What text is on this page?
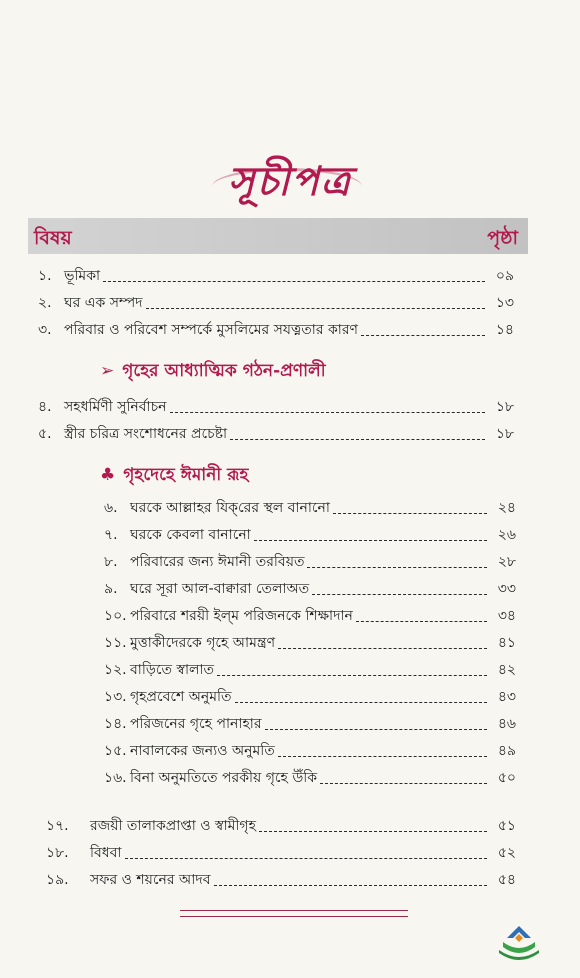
সূচীপত্র
বিষয়	পৃষ্ঠা
১. ভূমিকা	০৯
২. ঘর এক সম্পদ	১৩
৩. পরিবার ও পরিবেশ সম্পর্কে মুসলিমের সযত্নতার কারণ	১৪
➢ গৃহের আধ্যাত্মিক গঠন-প্রণালী
৪. সহধর্মিণী সুনির্বাচন	১৮
৫. স্ত্রীর চরিত্র সংশোধনের প্রচেষ্টা	১৮
♣ গৃহদেহে ঈমানী রূহ
৬. ঘরকে আল্লাহর যিক্‌রের স্থল বানানো	২৪
৭. ঘরকে কেবলা বানানো	২৬
৮. পরিবারের জন্য ঈমানী তরবিয়ত	২৮
৯. ঘরে সূরা আল-বাক্বারা তেলাঅত	৩৩
১০. পরিবারে শরয়ী ইল্‌ম পরিজনকে শিক্ষাদান	৩৪
১১. মুত্তাকীদেরকে গৃহে আমন্ত্রণ	৪১
১২. বাড়িতে স্বালাত	৪২
১৩. গৃহপ্রবেশে অনুমতি	৪৩
১৪. পরিজনের গৃহে পানাহার	৪৬
১৫. নাবালকের জন্যও অনুমতি	৪৯
১৬. বিনা অনুমতিতে পরকীয় গৃহে উঁকি	৫০
১৭.	রজয়ী তালাকপ্রাপ্তা ও স্বামীগৃহ	৫১
১৮.	বিধবা	৫২
১৯.	সফর ও শয়নের আদব	৫৪
